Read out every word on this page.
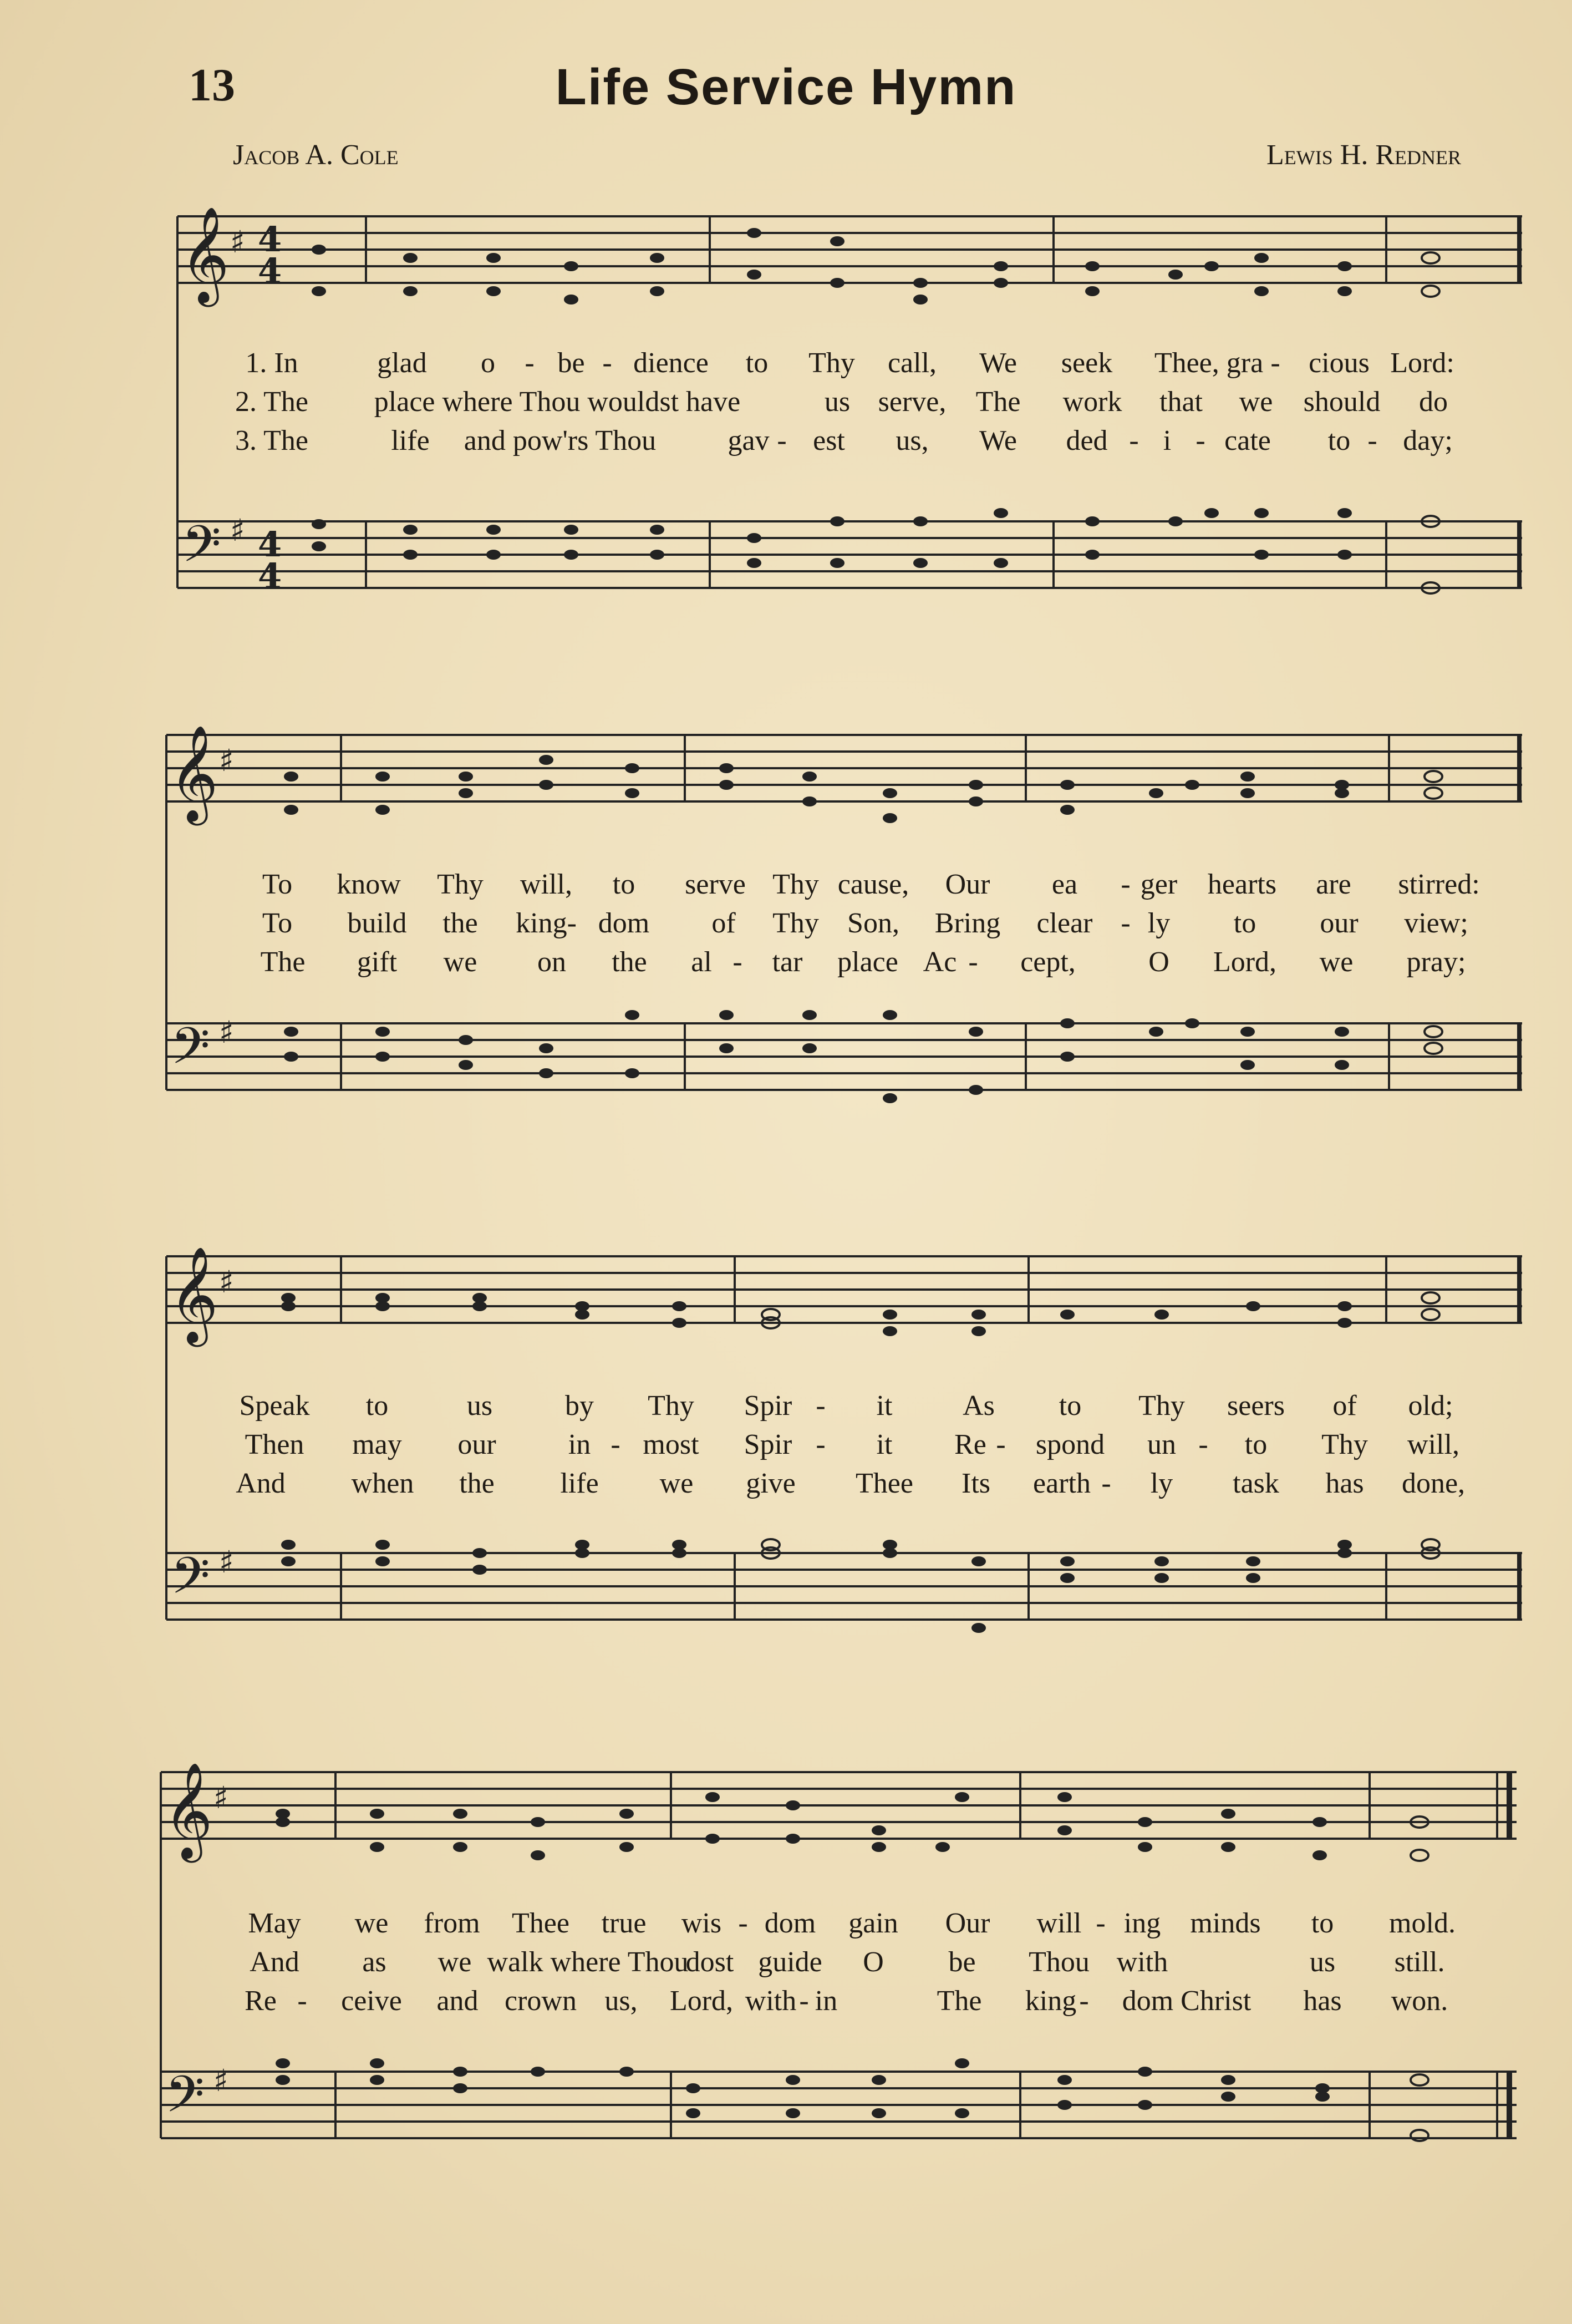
13	Life Service Hymn
Jacob A. Cole	Lewis H. Redner
𝄞
𝄢
♯
♯
4
4
4
4
1. In	glad o - be - dience to Thy call, We seek Thee, gra - cious Lord:
2. The place where Thou wouldst have	us serve, The work that we should do
3. The	life and pow'rs Thou gav - est us, We ded - i - cate to - day;
𝄞
𝄢
♯
♯
To know Thy will, to serve Thy cause, Our ea - ger hearts are stirred:
To build the king- dom of Thy Son, Bring clear - ly to our view;
The gift we on the al - tar place Ac - cept,	O Lord, we pray;
𝄞
𝄢
♯
♯
Speak to	us	by Thy Spir - it As to Thy seers of old;
Then may our	in - most Spir - it Re - spond un - to Thy will,
And when the life we give Thee Its earth - ly task has done,
𝄞
𝄢
♯
♯
May we from Thee true wis - dom gain Our will - ing minds to mold.
And as we walk where Thou
dost guide O be Thou with	us still.
Re - ceive and crown us, Lord, with - in	The king - dom Christ has won.
